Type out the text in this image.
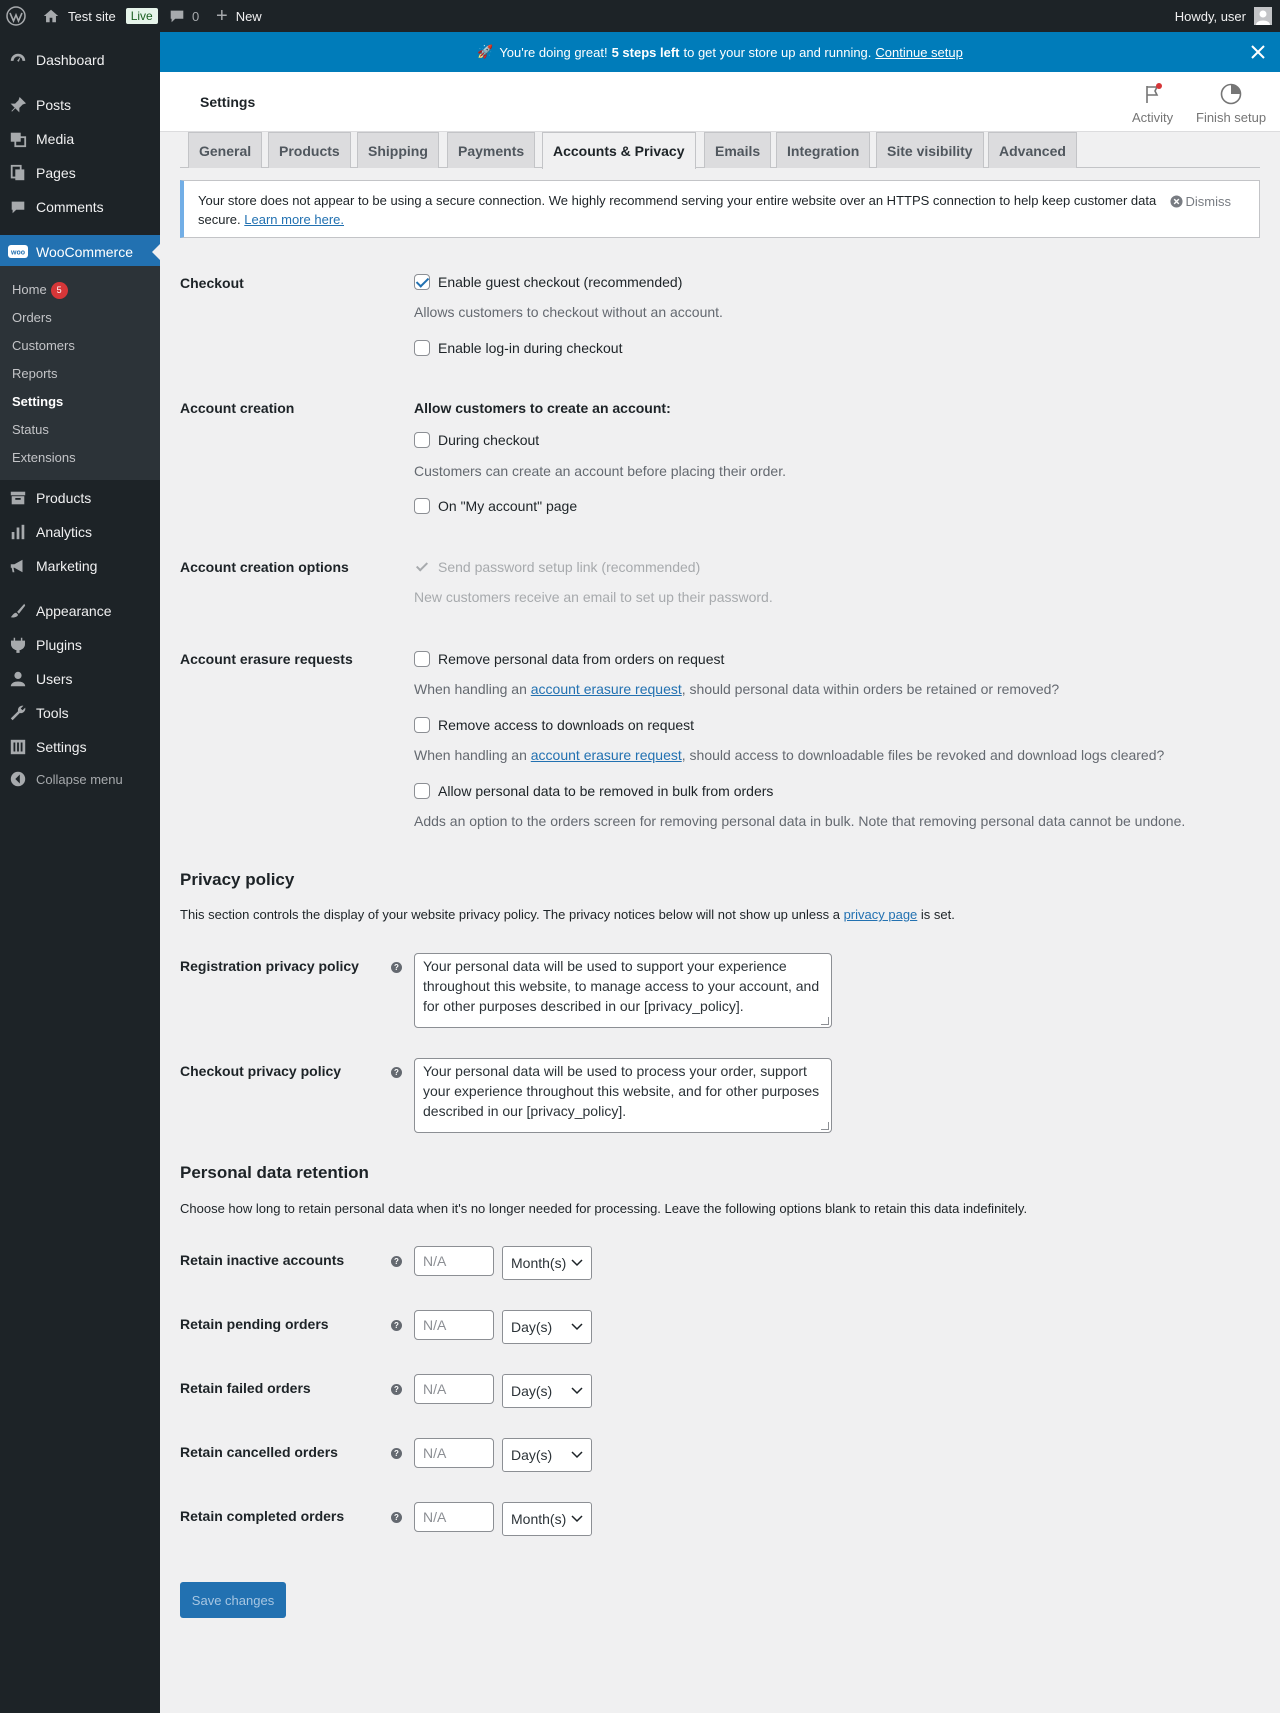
Test site	Live	0 + New	Howdy, user
Dashboard
Posts
Media
Pages
Comments
woo WooCommerce
Products
Analytics
Marketing
Appearance
Plugins
Users
Tools
Settings
Collapse menu
Home 5
Orders
Customers
Reports
Settings
Status
Extensions
🚀 You're doing great! 5 steps left to get your store up and running. Continue setup
Settings
Activity Finish setup
General	Products	Shipping	Payments	Accounts & Privacy	Emails	Integration	Site visibility	Advanced
Your store does not appear to be using a secure connection. We highly recommend serving your entire website over an HTTPS connection to help keep customer data secure. Learn more here.
Dismiss
Checkout	Enable guest checkout (recommended)
Allows customers to checkout without an account.
Enable log-in during checkout
Account creation	Allow customers to create an account:
During checkout
Customers can create an account before placing their order.
On "My account" page
Account creation options	Send password setup link (recommended)
New customers receive an email to set up their password.
Account erasure requests	Remove personal data from orders on request
When handling an account erasure request, should personal data within orders be retained or removed?
Remove access to downloads on request
When handling an account erasure request, should access to downloadable files be revoked and download logs cleared?
Allow personal data to be removed in bulk from orders
Adds an option to the orders screen for removing personal data in bulk. Note that removing personal data cannot be undone.
Privacy policy
This section controls the display of your website privacy policy. The privacy notices below will not show up unless a privacy page is set.
Registration privacy policy	?	Your personal data will be used to support your experience throughout this website, to manage access to your account, and for other purposes described in our [privacy_policy].
Checkout privacy policy	?	Your personal data will be used to process your order, support your experience throughout this website, and for other purposes described in our [privacy_policy].
Personal data retention
Choose how long to retain personal data when it's no longer needed for processing. Leave the following options blank to retain this data indefinitely.
Retain inactive accounts	?	N/A	Month(s)
Retain pending orders	?	N/A	Day(s)
Retain failed orders	?	N/A	Day(s)
Retain cancelled orders	?	N/A	Day(s)
Retain completed orders	?	N/A	Month(s)
Save changes
